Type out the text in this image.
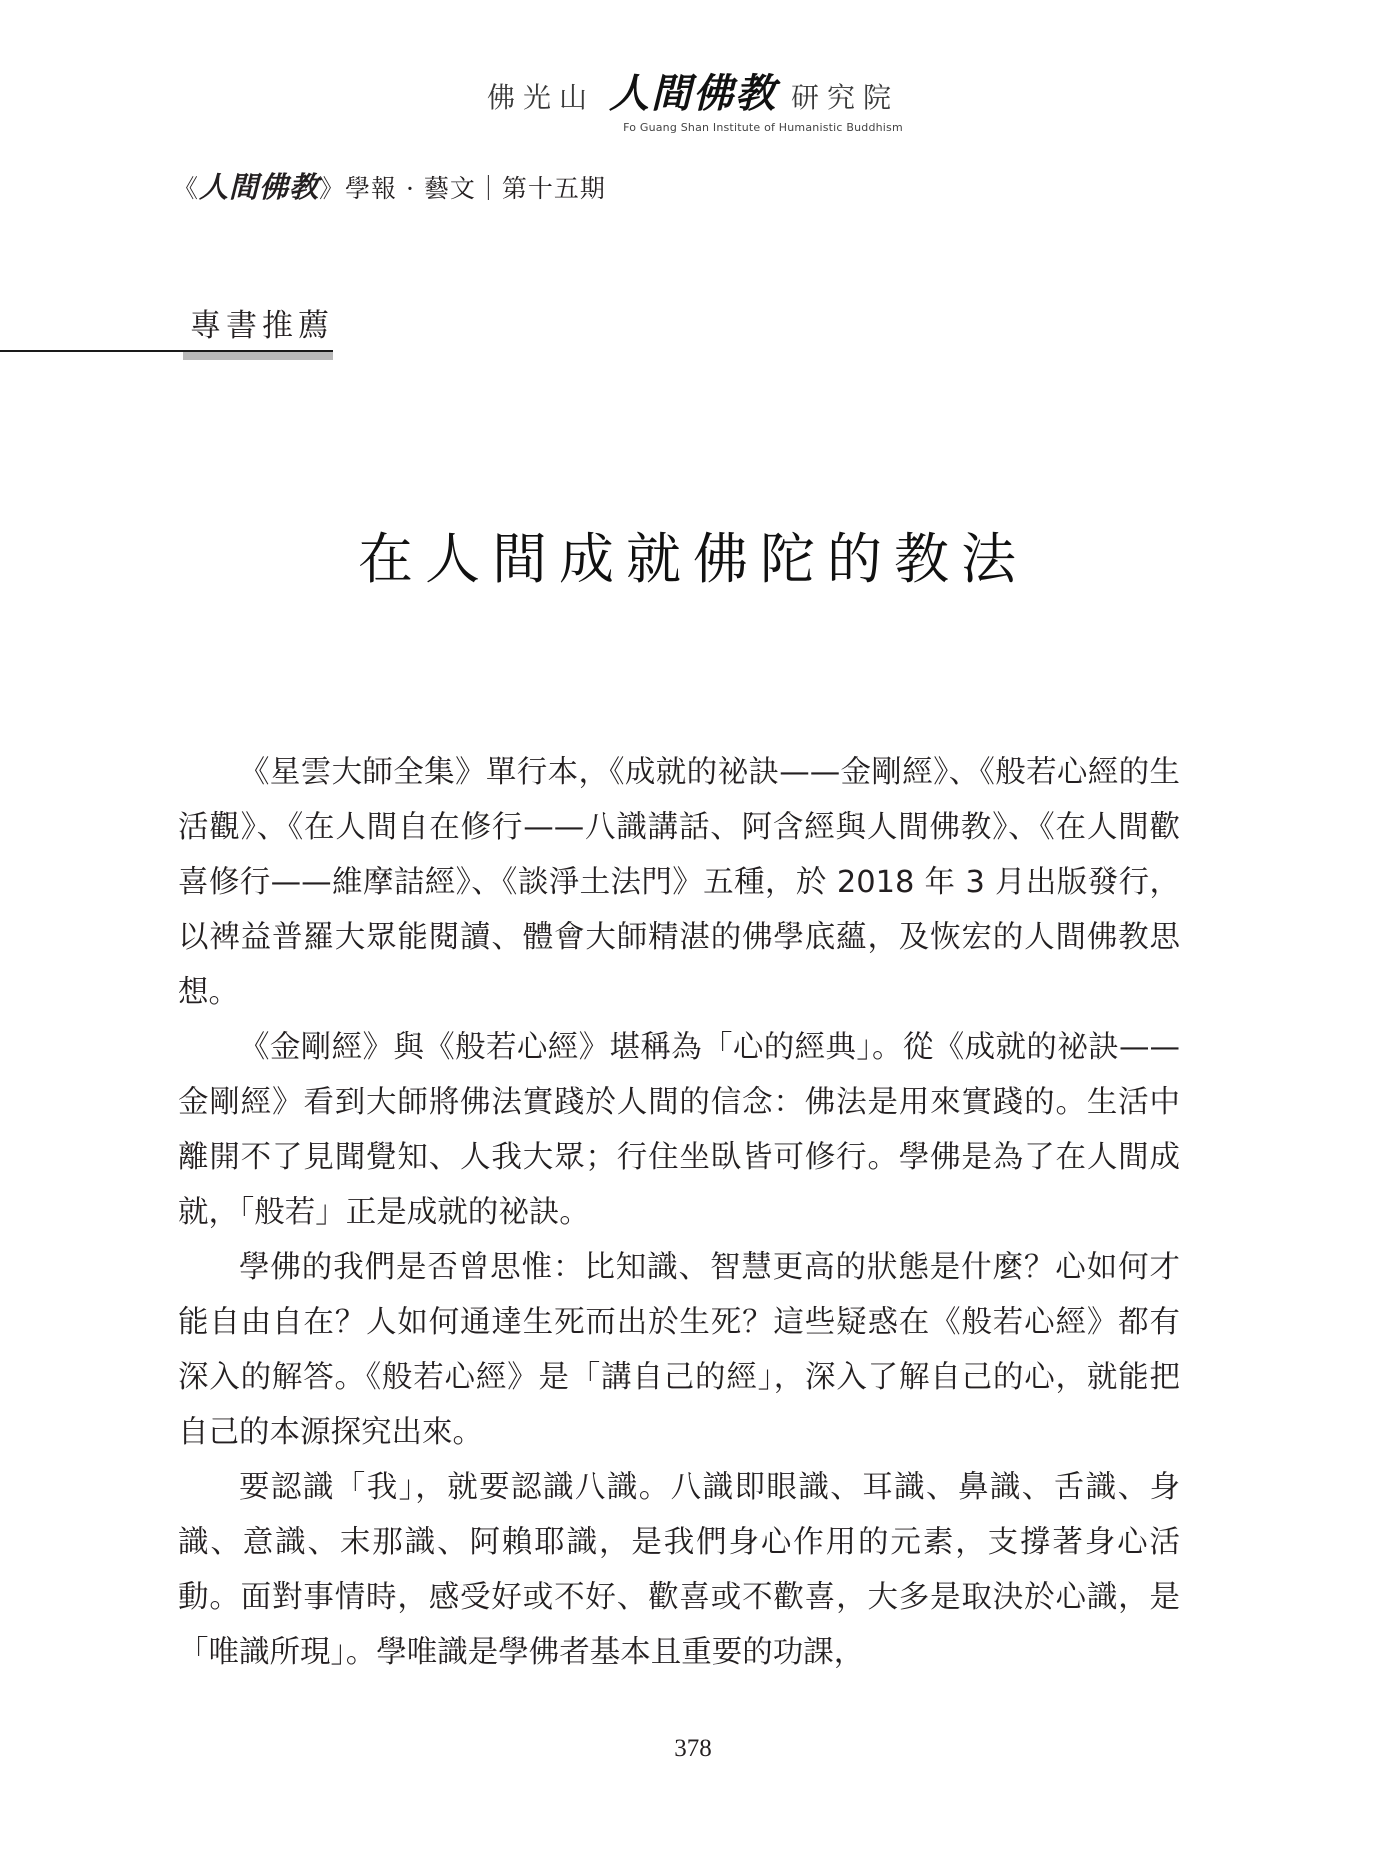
佛光山 人間佛教 研究院
Fo Guang Shan Institute of Humanistic Buddhism
《人間佛教》學報 · 藝文｜第十五期
專書推薦
在人間成就佛陀的教法

《星雲大師全集》單行本，《成就的祕訣——金剛經》、《般若心經的生活觀》、《在人間自在修行——八識講話、阿含經與人間佛教》、《在人間歡喜修行——維摩詰經》、《談淨土法門》五種，於 2018 年 3 月出版發行，以裨益普羅大眾能閱讀、體會大師精湛的佛學底蘊，及恢宏的人間佛教思想。

《金剛經》與《般若心經》堪稱為「心的經典」。從《成就的祕訣——金剛經》看到大師將佛法實踐於人間的信念：佛法是用來實踐的。生活中離開不了見聞覺知、人我大眾；行住坐臥皆可修行。學佛是為了在人間成就，「般若」正是成就的祕訣。

學佛的我們是否曾思惟：比知識、智慧更高的狀態是什麼？心如何才能自由自在？人如何通達生死而出於生死？這些疑惑在《般若心經》都有深入的解答。《般若心經》是「講自己的經」，深入了解自己的心，就能把自己的本源探究出來。

要認識「我」，就要認識八識。八識即眼識、耳識、鼻識、舌識、身識、意識、末那識、阿賴耶識，是我們身心作用的元素，支撐著身心活動。面對事情時，感受好或不好、歡喜或不歡喜，大多是取決於心識，是「唯識所現」。學唯識是學佛者基本且重要的功課，

378
